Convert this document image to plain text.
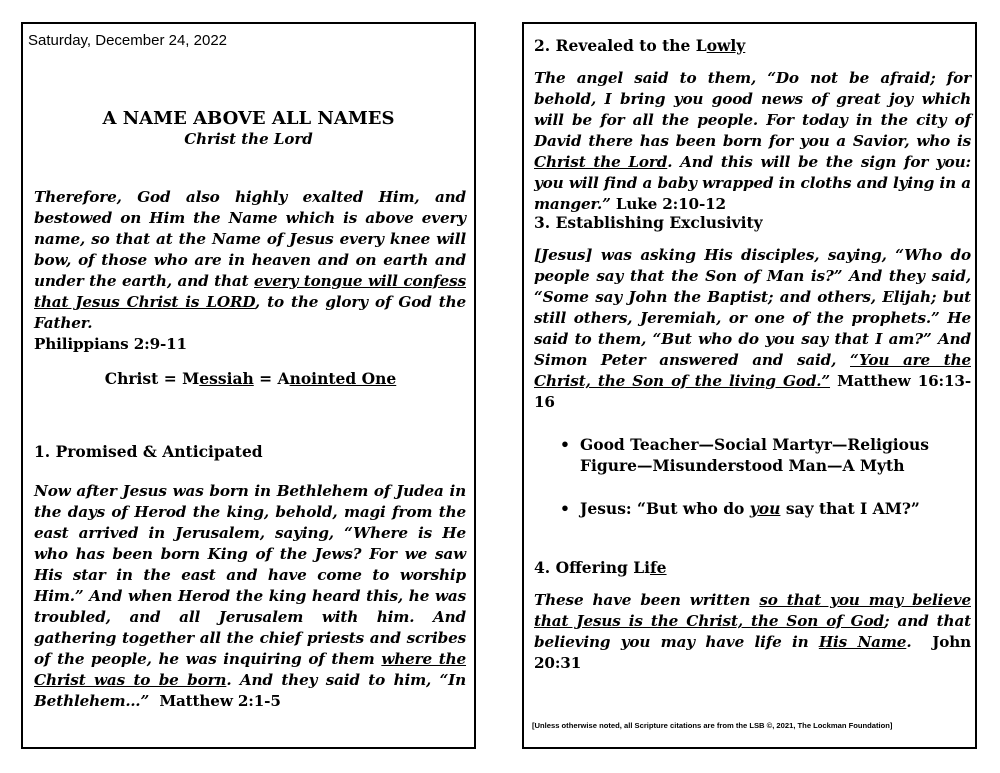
Saturday, December 24, 2022
A NAME ABOVE ALL NAMES
Christ the Lord
Therefore, God also highly exalted Him, and bestowed on Him the Name which is above every name, so that at the Name of Jesus every knee will bow, of those who are in heaven and on earth and under the earth, and that every tongue will confess that Jesus Christ is LORD, to the glory of God the Father.
Philippians 2:9-11
Christ = Messiah = Anointed One
1. Promised & Anticipated
Now after Jesus was born in Bethlehem of Judea in the days of Herod the king, behold, magi from the east arrived in Jerusalem, saying, “Where is He who has been born King of the Jews? For we saw His star in the east and have come to worship Him.” And when Herod the king heard this, he was troubled, and all Jerusalem with him. And gathering together all the chief priests and scribes of the people, he was inquiring of them where the Christ was to be born. And they said to him, “In Bethlehem…” Matthew 2:1-5
2. Revealed to the Lowly
The angel said to them, “Do not be afraid; for behold, I bring you good news of great joy which will be for all the people. For today in the city of David there has been born for you a Savior, who is Christ the Lord. And this will be the sign for you: you will find a baby wrapped in cloths and lying in a manger.” Luke 2:10-12
3. Establishing Exclusivity
[Jesus] was asking His disciples, saying, “Who do people say that the Son of Man is?” And they said, “Some say John the Baptist; and others, Elijah; but still others, Jeremiah, or one of the prophets.” He said to them, “But who do you say that I am?” And Simon Peter answered and said, “You are the Christ, the Son of the living God.” Matthew 16:13-16
• Good Teacher—Social Martyr—Religious Figure—Misunderstood Man—A Myth
• Jesus: “But who do you say that I AM?”
4. Offering Life
These have been written so that you may believe that Jesus is the Christ, the Son of God; and that believing you may have life in His Name. John 20:31
[Unless otherwise noted, all Scripture citations are from the LSB ©, 2021, The Lockman Foundation]
